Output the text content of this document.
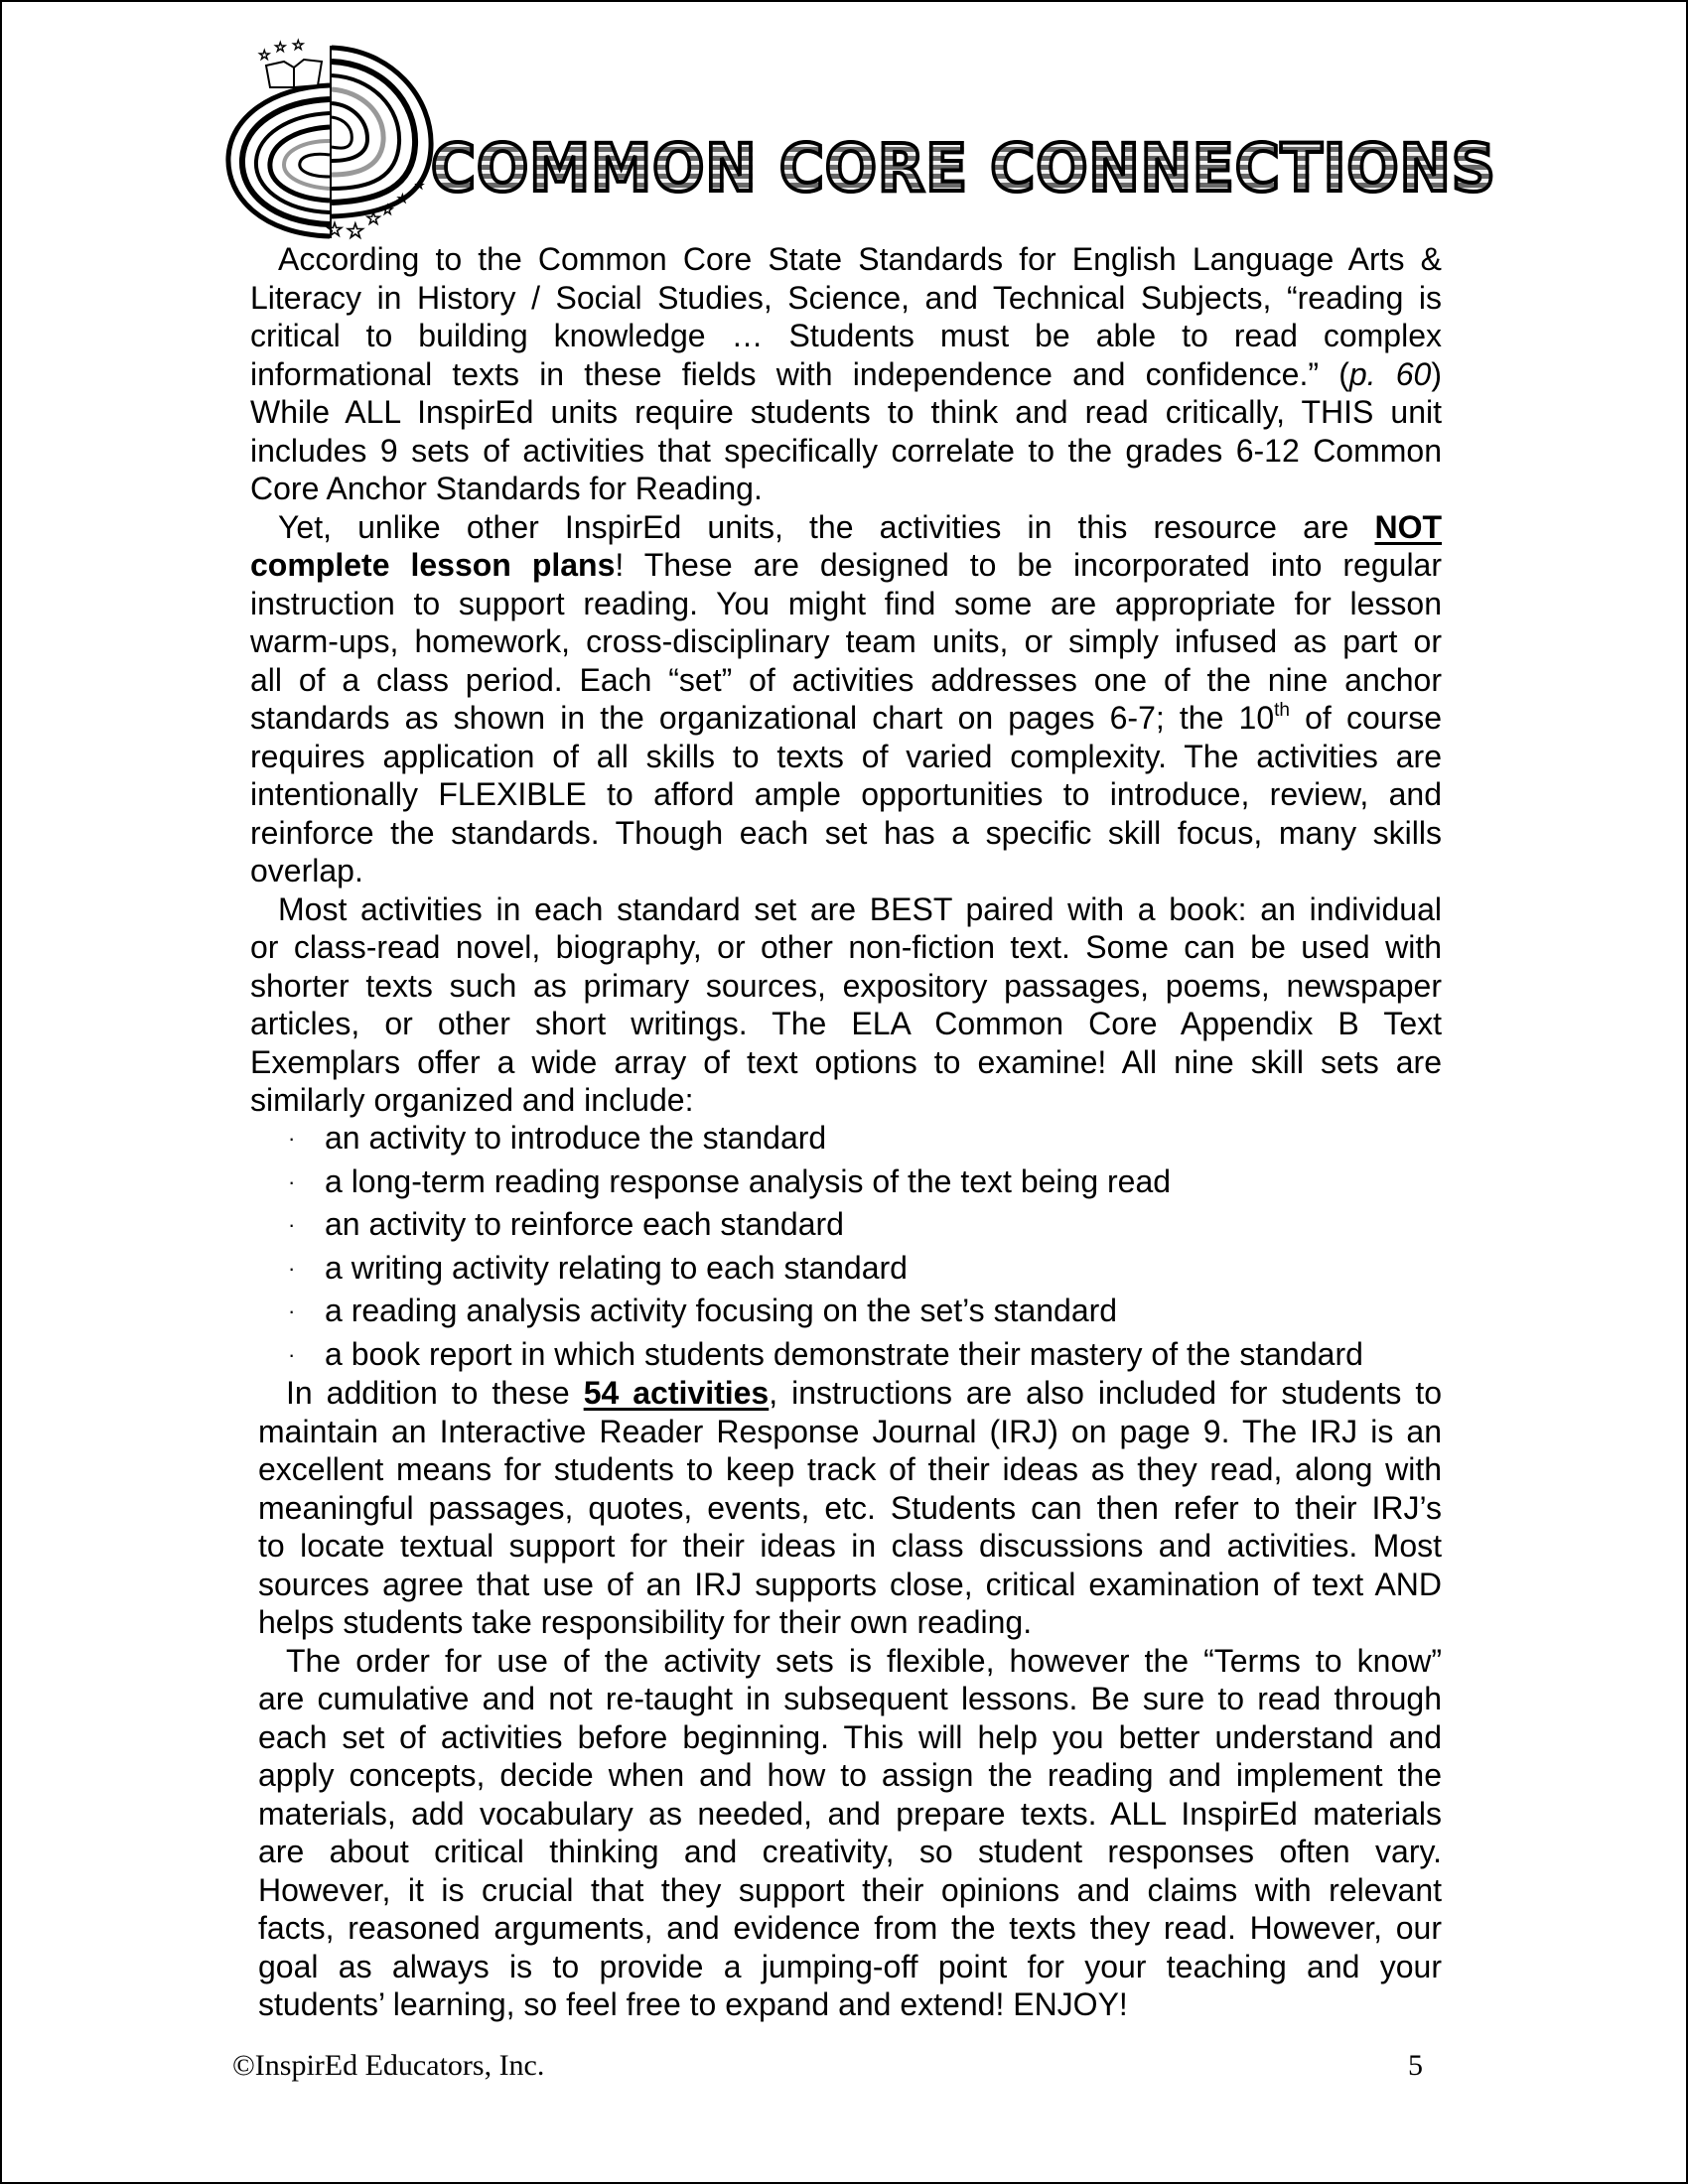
☆
☆ ☆
☆ ☆ ☆ ☆
☆
☆ COMMON CORE CONNECTIONS
According to the Common Core State Standards for English Language Arts &
Literacy in History / Social Studies, Science, and Technical Subjects, “reading is
critical to building knowledge … Students must be able to read complex
informational texts in these fields with independence and confidence.” (p. 60)
While ALL InspirEd units require students to think and read critically, THIS unit
includes 9 sets of activities that specifically correlate to the grades 6-12 Common
Core Anchor Standards for Reading.
Yet, unlike other InspirEd units, the activities in this resource are NOT
complete lesson plans! These are designed to be incorporated into regular
instruction to support reading. You might find some are appropriate for lesson
warm-ups, homework, cross-disciplinary team units, or simply infused as part or
all of a class period. Each “set” of activities addresses one of the nine anchor
standards as shown in the organizational chart on pages 6-7; the 10th of course
requires application of all skills to texts of varied complexity. The activities are
intentionally FLEXIBLE to afford ample opportunities to introduce, review, and
reinforce the standards. Though each set has a specific skill focus, many skills
overlap.
Most activities in each standard set are BEST paired with a book: an individual
or class-read novel, biography, or other non-fiction text. Some can be used with
shorter texts such as primary sources, expository passages, poems, newspaper
articles, or other short writings. The ELA Common Core Appendix B Text
Exemplars offer a wide array of text options to examine! All nine skill sets are
similarly organized and include:
· an activity to introduce the standard
· a long-term reading response analysis of the text being read
· an activity to reinforce each standard
· a writing activity relating to each standard
· a reading analysis activity focusing on the set’s standard
· a book report in which students demonstrate their mastery of the standard
In addition to these 54 activities, instructions are also included for students to
maintain an Interactive Reader Response Journal (IRJ) on page 9. The IRJ is an
excellent means for students to keep track of their ideas as they read, along with
meaningful passages, quotes, events, etc. Students can then refer to their IRJ’s
to locate textual support for their ideas in class discussions and activities. Most
sources agree that use of an IRJ supports close, critical examination of text AND
helps students take responsibility for their own reading.
The order for use of the activity sets is flexible, however the “Terms to know”
are cumulative and not re-taught in subsequent lessons. Be sure to read through
each set of activities before beginning. This will help you better understand and
apply concepts, decide when and how to assign the reading and implement the
materials, add vocabulary as needed, and prepare texts. ALL InspirEd materials
are about critical thinking and creativity, so student responses often vary.
However, it is crucial that they support their opinions and claims with relevant
facts, reasoned arguments, and evidence from the texts they read. However, our
goal as always is to provide a jumping-off point for your teaching and your
students’ learning, so feel free to expand and extend! ENJOY!
©InspirEd Educators, Inc.	5
